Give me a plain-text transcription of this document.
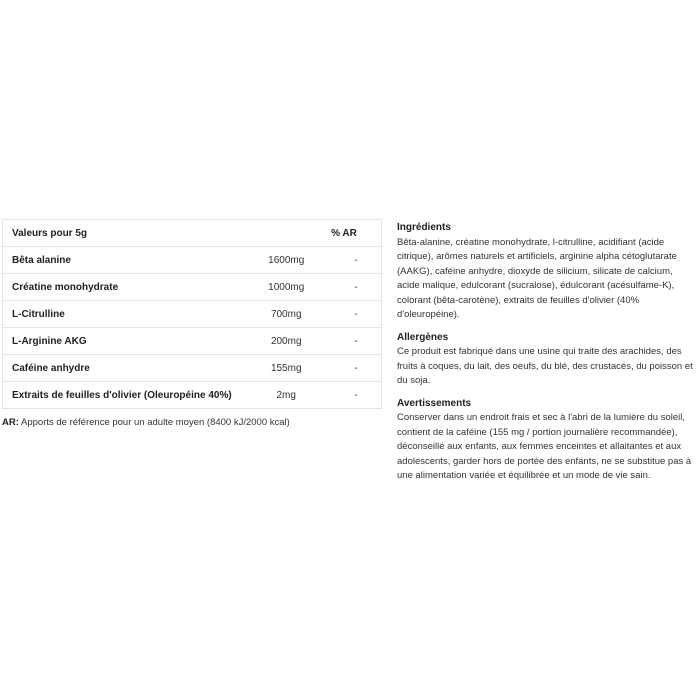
Valeurs pour 5g		% AR
Bêta alanine	1600mg	-
Créatine monohydrate	1000mg	-
L-Citrulline	700mg	-
L-Arginine AKG	200mg	-
Caféine anhydre	155mg	-
Extraits de feuilles d'olivier (Oleuropéine 40%)	2mg	-
AR: Apports de référence pour un adulte moyen (8400 kJ/2000 kcal)
Ingrédients
Bêta-alanine, créatine monohydrate, l-citrulline, acidifiant (acide citrique), arômes naturels et artificiels, arginine alpha cétoglutarate (AAKG), caféine anhydre, dioxyde de silicium, silicate de calcium, acide malique, edulcorant (sucralose), édulcorant (acésulfame-K), colorant (bêta-carotène), extraits de feuilles d'olivier (40% d'oleuropéine).
Allergènes
Ce produit est fabriqué dans une usine qui traite des arachides, des fruits à coques, du lait, des oeufs, du blé, des crustacés, du poisson et du soja.
Avertissements
Conserver dans un endroit frais et sec à l'abri de la lumière du soleil, contient de la caféine (155 mg / portion journalière recommandée), déconseillé aux enfants, aux femmes enceintes et allaitantes et aux adolescents, garder hors de portée des enfants, ne se substitue pas à une alimentation variée et équilibrée et un mode de vie sain.
